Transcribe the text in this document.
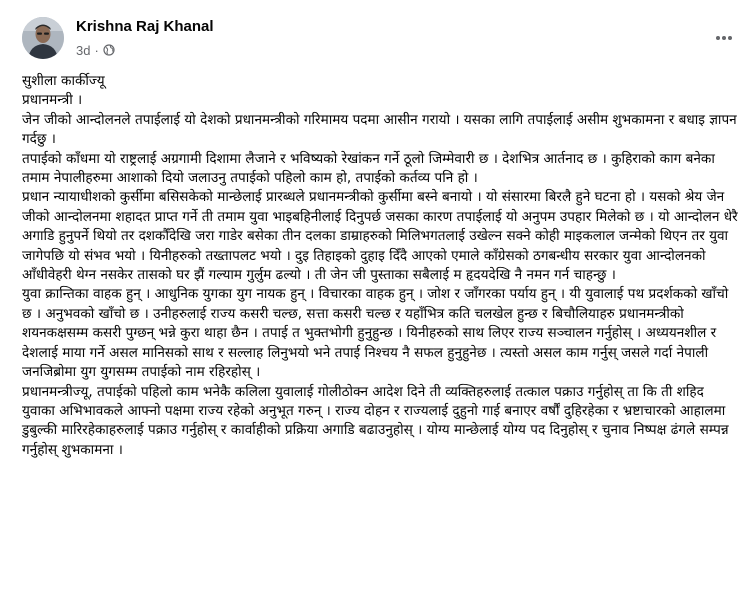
Krishna Raj Khanal
3d ·

सुशीला कार्कीज्यू

प्रधानमन्त्री ।

जेन जीको आन्दोलनले तपाईलाई यो देशको प्रधानमन्त्रीको गरिमामय पदमा आसीन गरायो । यसका लागि तपाईलाई असीम शुभकामना र बधाइ ज्ञापन गर्दछु ।

तपाईको काँधमा यो राष्ट्रलाई अग्रगामी दिशामा लैजाने र भविष्यको रेखांकन गर्ने ठूलो जिम्मेवारी छ । देशभित्र आर्तनाद छ । कुहिराको काग बनेका तमाम नेपालीहरुमा आशाको दियो जलाउनु तपाईको पहिलो काम हो, तपाईको कर्तव्य पनि हो ।

प्रधान न्यायाधीशको कुर्सीमा बसिसकेको मान्छेलाई प्रारब्धले प्रधानमन्त्रीको कुर्सीमा बस्ने बनायो । यो संसारमा बिरलै हुने घटना हो । यसको श्रेय जेन जीको आन्दोलनमा शहादत प्राप्त गर्ने ती तमाम युवा भाइबहिनीलाई दिनुपर्छ जसका कारण तपाईलाई यो अनुपम उपहार मिलेको छ । यो आन्दोलन धेरै अगाडि हुनुपर्ने थियो तर दशकौँदेखि जरा गाडेर बसेका तीन दलका डाम्राहरुको मिलिभगतलाई उखेल्न सक्ने कोही माइकलाल जन्मेको थिएन तर युवा जागेपछि यो संभव भयो । यिनीहरुको तख्तापलट भयो । दुइ तिहाइको दुहाइ दिँदै आएको एमाले काँग्रेसको ठगबन्धीय सरकार युवा आन्दोलनको आँधीवेहरी थेग्न नसकेर तासको घर झैं गल्याम गुर्लुम ढल्यो । ती जेन जी पुस्ताका सबैलाई म हृदयदेखि नै नमन गर्न चाहन्छु ।

युवा क्रान्तिका वाहक हुन् । आधुनिक युगका युग नायक हुन् । विचारका वाहक हुन् । जोश र जाँगरका पर्याय हुन् । यी युवालाई पथ प्रदर्शकको खाँचो छ । अनुभवको खाँचो छ । उनीहरुलाई राज्य कसरी चल्छ, सत्ता कसरी चल्छ र यहाँभित्र कति चलखेल हुन्छ र बिचौलियाहरु प्रधानमन्त्रीको शयनकक्षसम्म कसरी पुग्छन् भन्ने कुरा थाहा छैन । तपाई त भुक्तभोगी हुनुहुन्छ । यिनीहरुको साथ लिएर राज्य सञ्चालन गर्नुहोस् । अध्ययनशील र देशलाई माया गर्ने असल मानिसको साथ र सल्लाह लिनुभयो भने तपाई निश्चय नै सफल हुनुहुनेछ । त्यस्तो असल काम गर्नुस् जसले गर्दा नेपाली जनजिब्रोमा युग युगसम्म तपाईको नाम रहिरहोस् ।

प्रधानमन्त्रीज्यू, तपाईको पहिलो काम भनेकै कलिला युवालाई गोलीठोक्न आदेश दिने ती व्यक्तिहरुलाई तत्काल पक्राउ गर्नुहोस् ता कि ती शहिद युवाका अभिभावकले आफ्नो पक्षमा राज्य रहेको अनुभूत गरुन् । राज्य दोहन र राज्यलाई दुहुनो गाई बनाएर वर्षौं दुहिरहेका र भ्रष्टाचारको आहालमा डुबुल्की मारिरहेकाहरुलाई पक्राउ गर्नुहोस् र कार्वाहीको प्रक्रिया अगाडि बढाउनुहोस् । योग्य मान्छेलाई योग्य पद दिनुहोस् र चुनाव निष्पक्ष ढंगले सम्पन्न गर्नुहोस् शुभकामना ।
